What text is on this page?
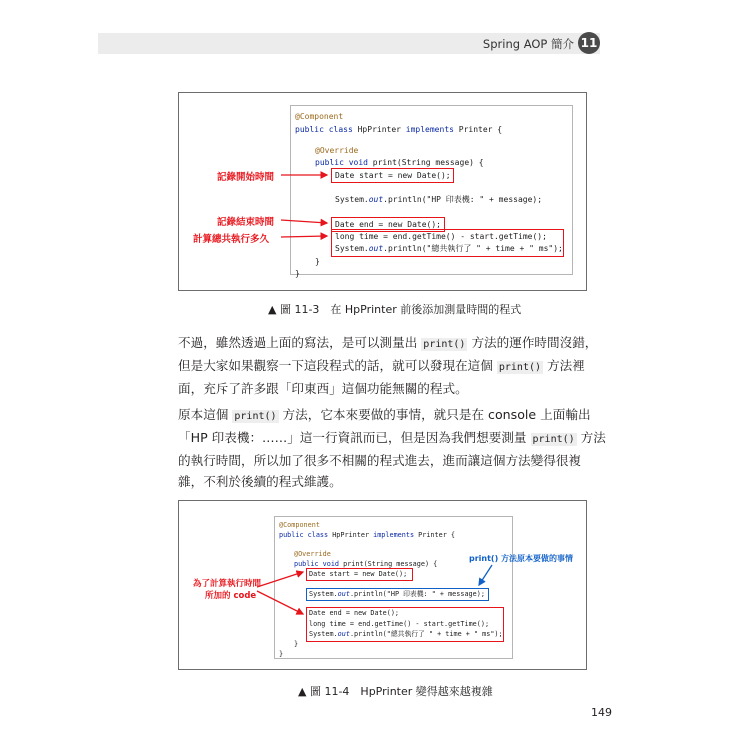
Spring AOP 簡介 11
@Component
public class HpPrinter implements Printer {
@Override
public void print(String message) {
Date start = new Date();
System.out.println("HP 印表機: " + message);
Date end = new Date();
long time = end.getTime() - start.getTime();
System.out.println("總共執行了 " + time + " ms");
}
}
記錄開始時間
記錄結束時間
計算總共執行多久
▲ 圖 11-3　在 HpPrinter 前後添加測量時間的程式
不過，雖然透過上面的寫法，是可以測量出 print() 方法的運作時間沒錯，
但是大家如果觀察一下這段程式的話，就可以發現在這個 print() 方法裡
面，充斥了許多跟「印東西」這個功能無關的程式。
原本這個 print() 方法，它本來要做的事情，就只是在 console 上面輸出
「HP 印表機：……」這一行資訊而已，但是因為我們想要測量 print() 方法
的執行時間，所以加了很多不相關的程式進去，進而讓這個方法變得很複
雜，不利於後續的程式維護。
@Component
public class HpPrinter implements Printer {
@Override
public void print(String message) {
Date start = new Date();
System.out.println("HP 印表機: " + message);
Date end = new Date();
long time = end.getTime() - start.getTime();
System.out.println("總共執行了 " + time + " ms");
}
}
為了計算執行時間
所加的 code
print() 方法原本要做的事情
▲ 圖 11-4　HpPrinter 變得越來越複雜
149
